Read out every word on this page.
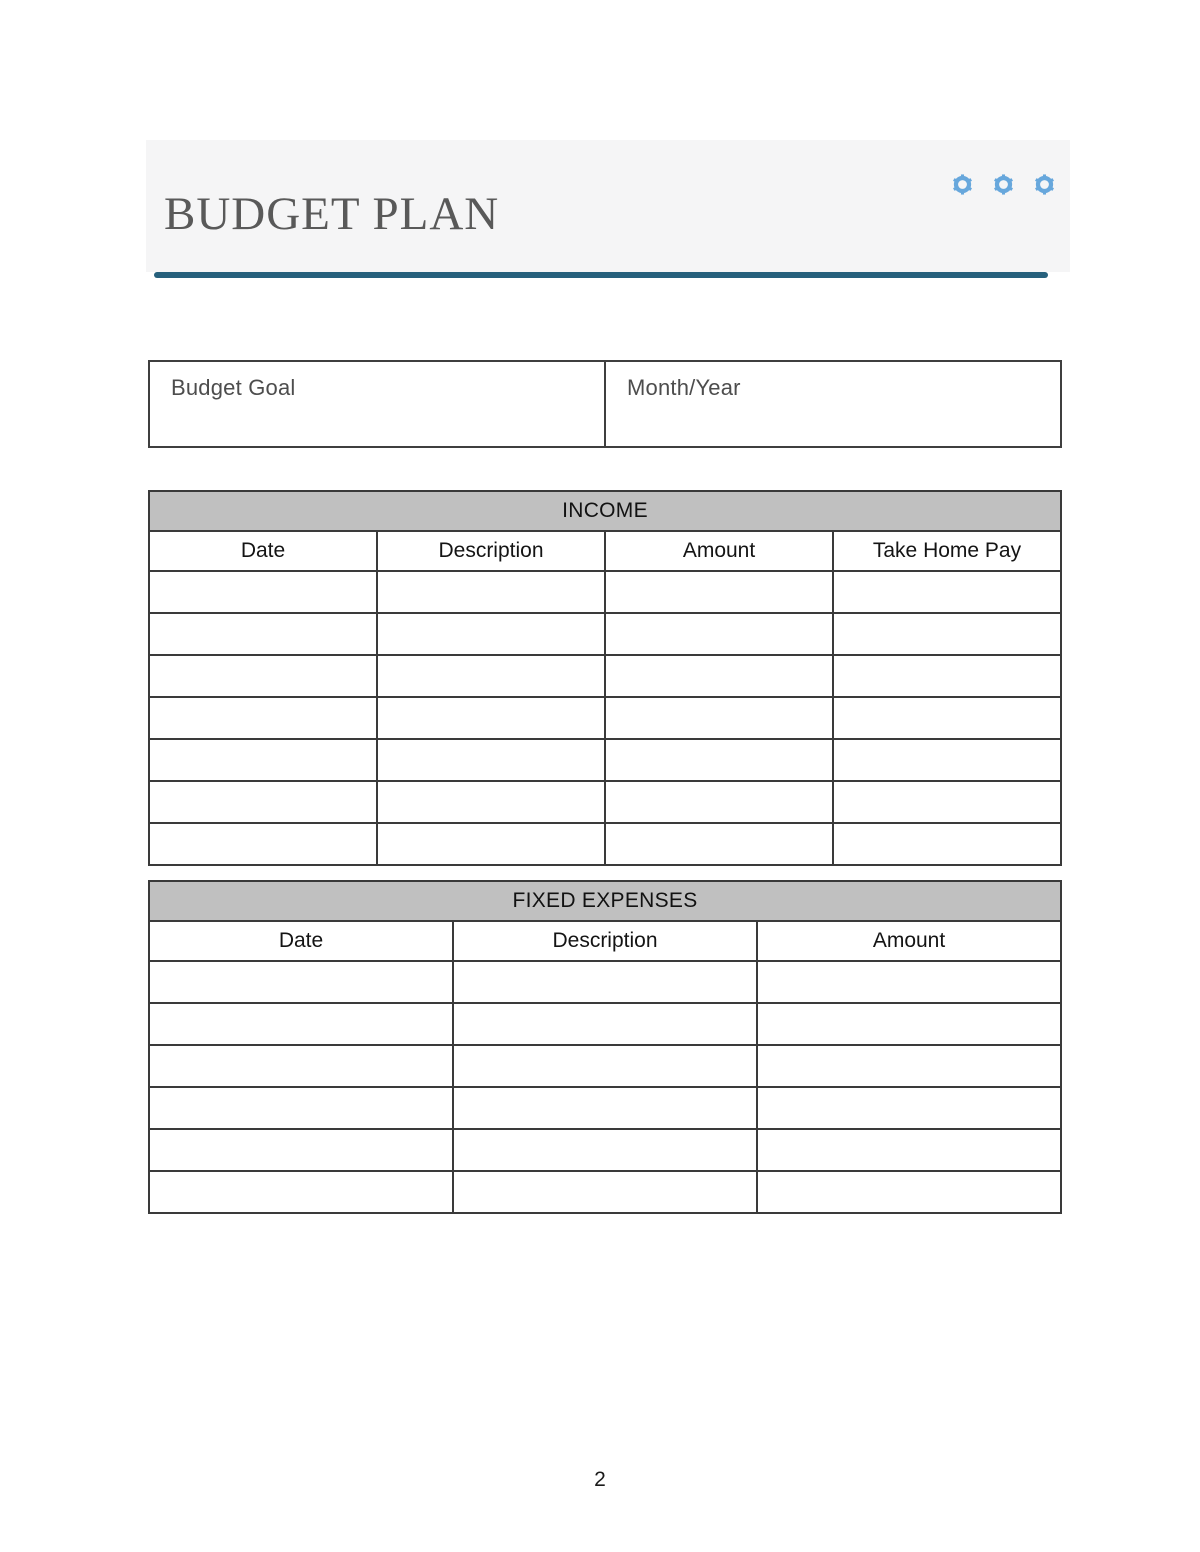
BUDGET PLAN
Budget Goal	Month/Year
INCOME			
Date	Description	Amount	Take Home Pay

FIXED EXPENSES		
Date	Description	Amount

2
